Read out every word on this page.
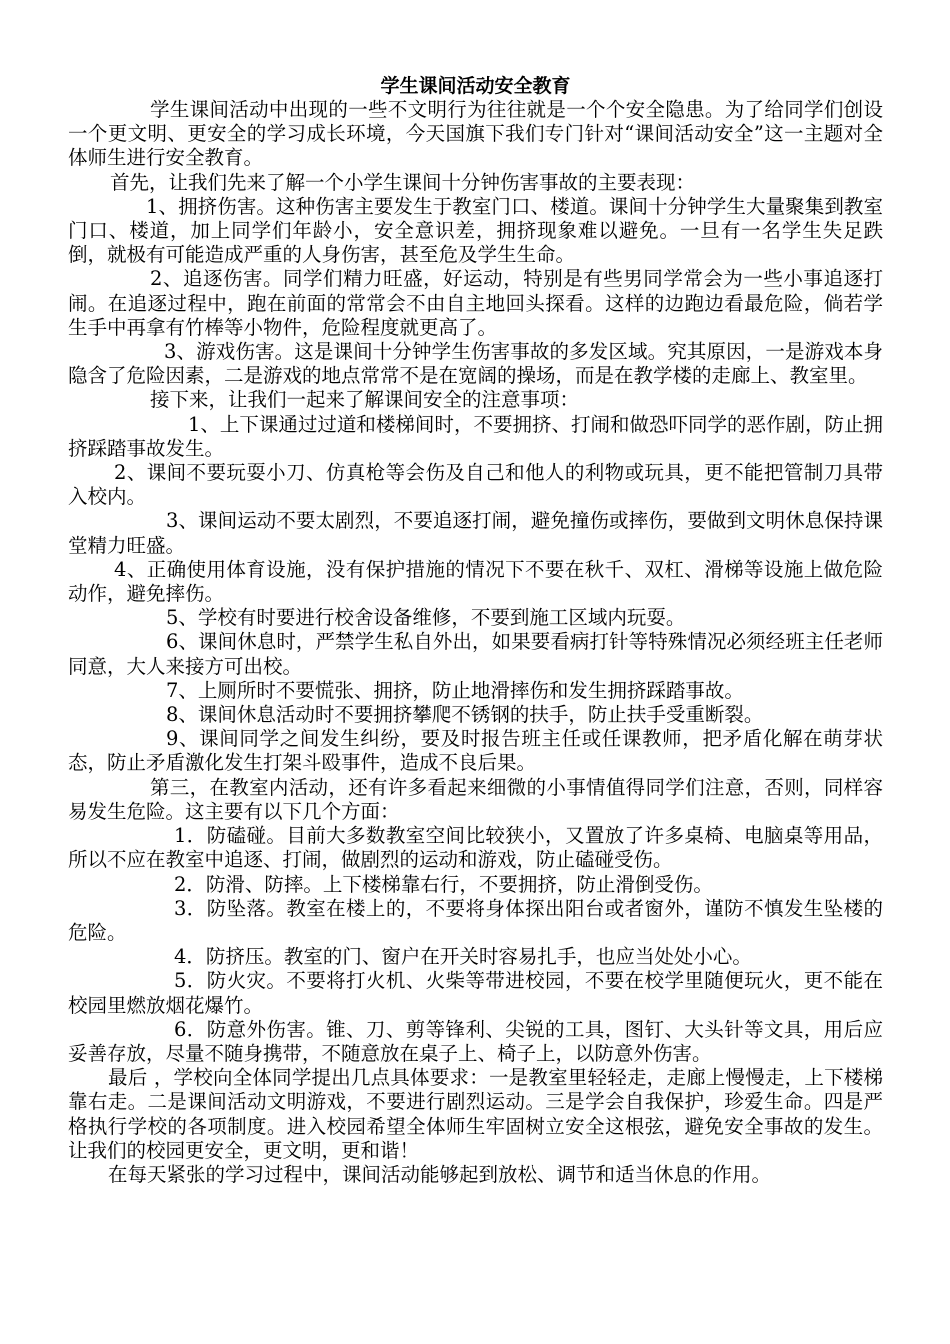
学生课间活动安全教育

学生课间活动中出现的一些不文明行为往往就是一个个安全隐患。为了给同学们创设一个更文明、更安全的学习成长环境，今天国旗下我们专门针对“课间活动安全”这一主题对全体师生进行安全教育。

首先，让我们先来了解一个小学生课间十分钟伤害事故的主要表现：

1、拥挤伤害。这种伤害主要发生于教室门口、楼道。课间十分钟学生大量聚集到教室门口、楼道，加上同学们年龄小，安全意识差，拥挤现象难以避免。一旦有一名学生失足跌倒，就极有可能造成严重的人身伤害，甚至危及学生生命。

2、追逐伤害。同学们精力旺盛，好运动，特别是有些男同学常会为一些小事追逐打闹。在追逐过程中，跑在前面的常常会不由自主地回头探看。这样的边跑边看最危险，倘若学生手中再拿有竹棒等小物件，危险程度就更高了。

3、游戏伤害。这是课间十分钟学生伤害事故的多发区域。究其原因，一是游戏本身隐含了危险因素，二是游戏的地点常常不是在宽阔的操场，而是在教学楼的走廊上、教室里。

接下来，让我们一起来了解课间安全的注意事项：

1、上下课通过过道和楼梯间时，不要拥挤、打闹和做恐吓同学的恶作剧，防止拥挤踩踏事故发生。

2、课间不要玩耍小刀、仿真枪等会伤及自己和他人的利物或玩具，更不能把管制刀具带入校内。

3、课间运动不要太剧烈，不要追逐打闹，避免撞伤或摔伤，要做到文明休息保持课堂精力旺盛。

4、正确使用体育设施，没有保护措施的情况下不要在秋千、双杠、滑梯等设施上做危险动作，避免摔伤。

5、学校有时要进行校舍设备维修，不要到施工区域内玩耍。

6、课间休息时，严禁学生私自外出，如果要看病打针等特殊情况必须经班主任老师同意，大人来接方可出校。

7、上厕所时不要慌张、拥挤，防止地滑摔伤和发生拥挤踩踏事故。

8、课间休息活动时不要拥挤攀爬不锈钢的扶手，防止扶手受重断裂。

9、课间同学之间发生纠纷，要及时报告班主任或任课教师，把矛盾化解在萌芽状态，防止矛盾激化发生打架斗殴事件，造成不良后果。

第三，在教室内活动，还有许多看起来细微的小事情值得同学们注意，否则，同样容易发生危险。这主要有以下几个方面：

1．防磕碰。目前大多数教室空间比较狭小，又置放了许多桌椅、电脑桌等用品，所以不应在教室中追逐、打闹，做剧烈的运动和游戏，防止磕碰受伤。

2．防滑、防摔。上下楼梯靠右行，不要拥挤，防止滑倒受伤。

3．防坠落。教室在楼上的，不要将身体探出阳台或者窗外，谨防不慎发生坠楼的危险。

4．防挤压。教室的门、窗户在开关时容易扎手，也应当处处小心。

5．防火灾。不要将打火机、火柴等带进校园，不要在校学里随便玩火，更不能在校园里燃放烟花爆竹。

6．防意外伤害。锥、刀、剪等锋利、尖锐的工具，图钉、大头针等文具，用后应妥善存放，尽量不随身携带，不随意放在桌子上、椅子上，以防意外伤害。

最后 ，学校向全体同学提出几点具体要求：一是教室里轻轻走，走廊上慢慢走，上下楼梯靠右走。二是课间活动文明游戏，不要进行剧烈运动。三是学会自我保护，珍爱生命。四是严格执行学校的各项制度。进入校园希望全体师生牢固树立安全这根弦，避免安全事故的发生。让我们的校园更安全，更文明，更和谐！

在每天紧张的学习过程中，课间活动能够起到放松、调节和适当休息的作用。
